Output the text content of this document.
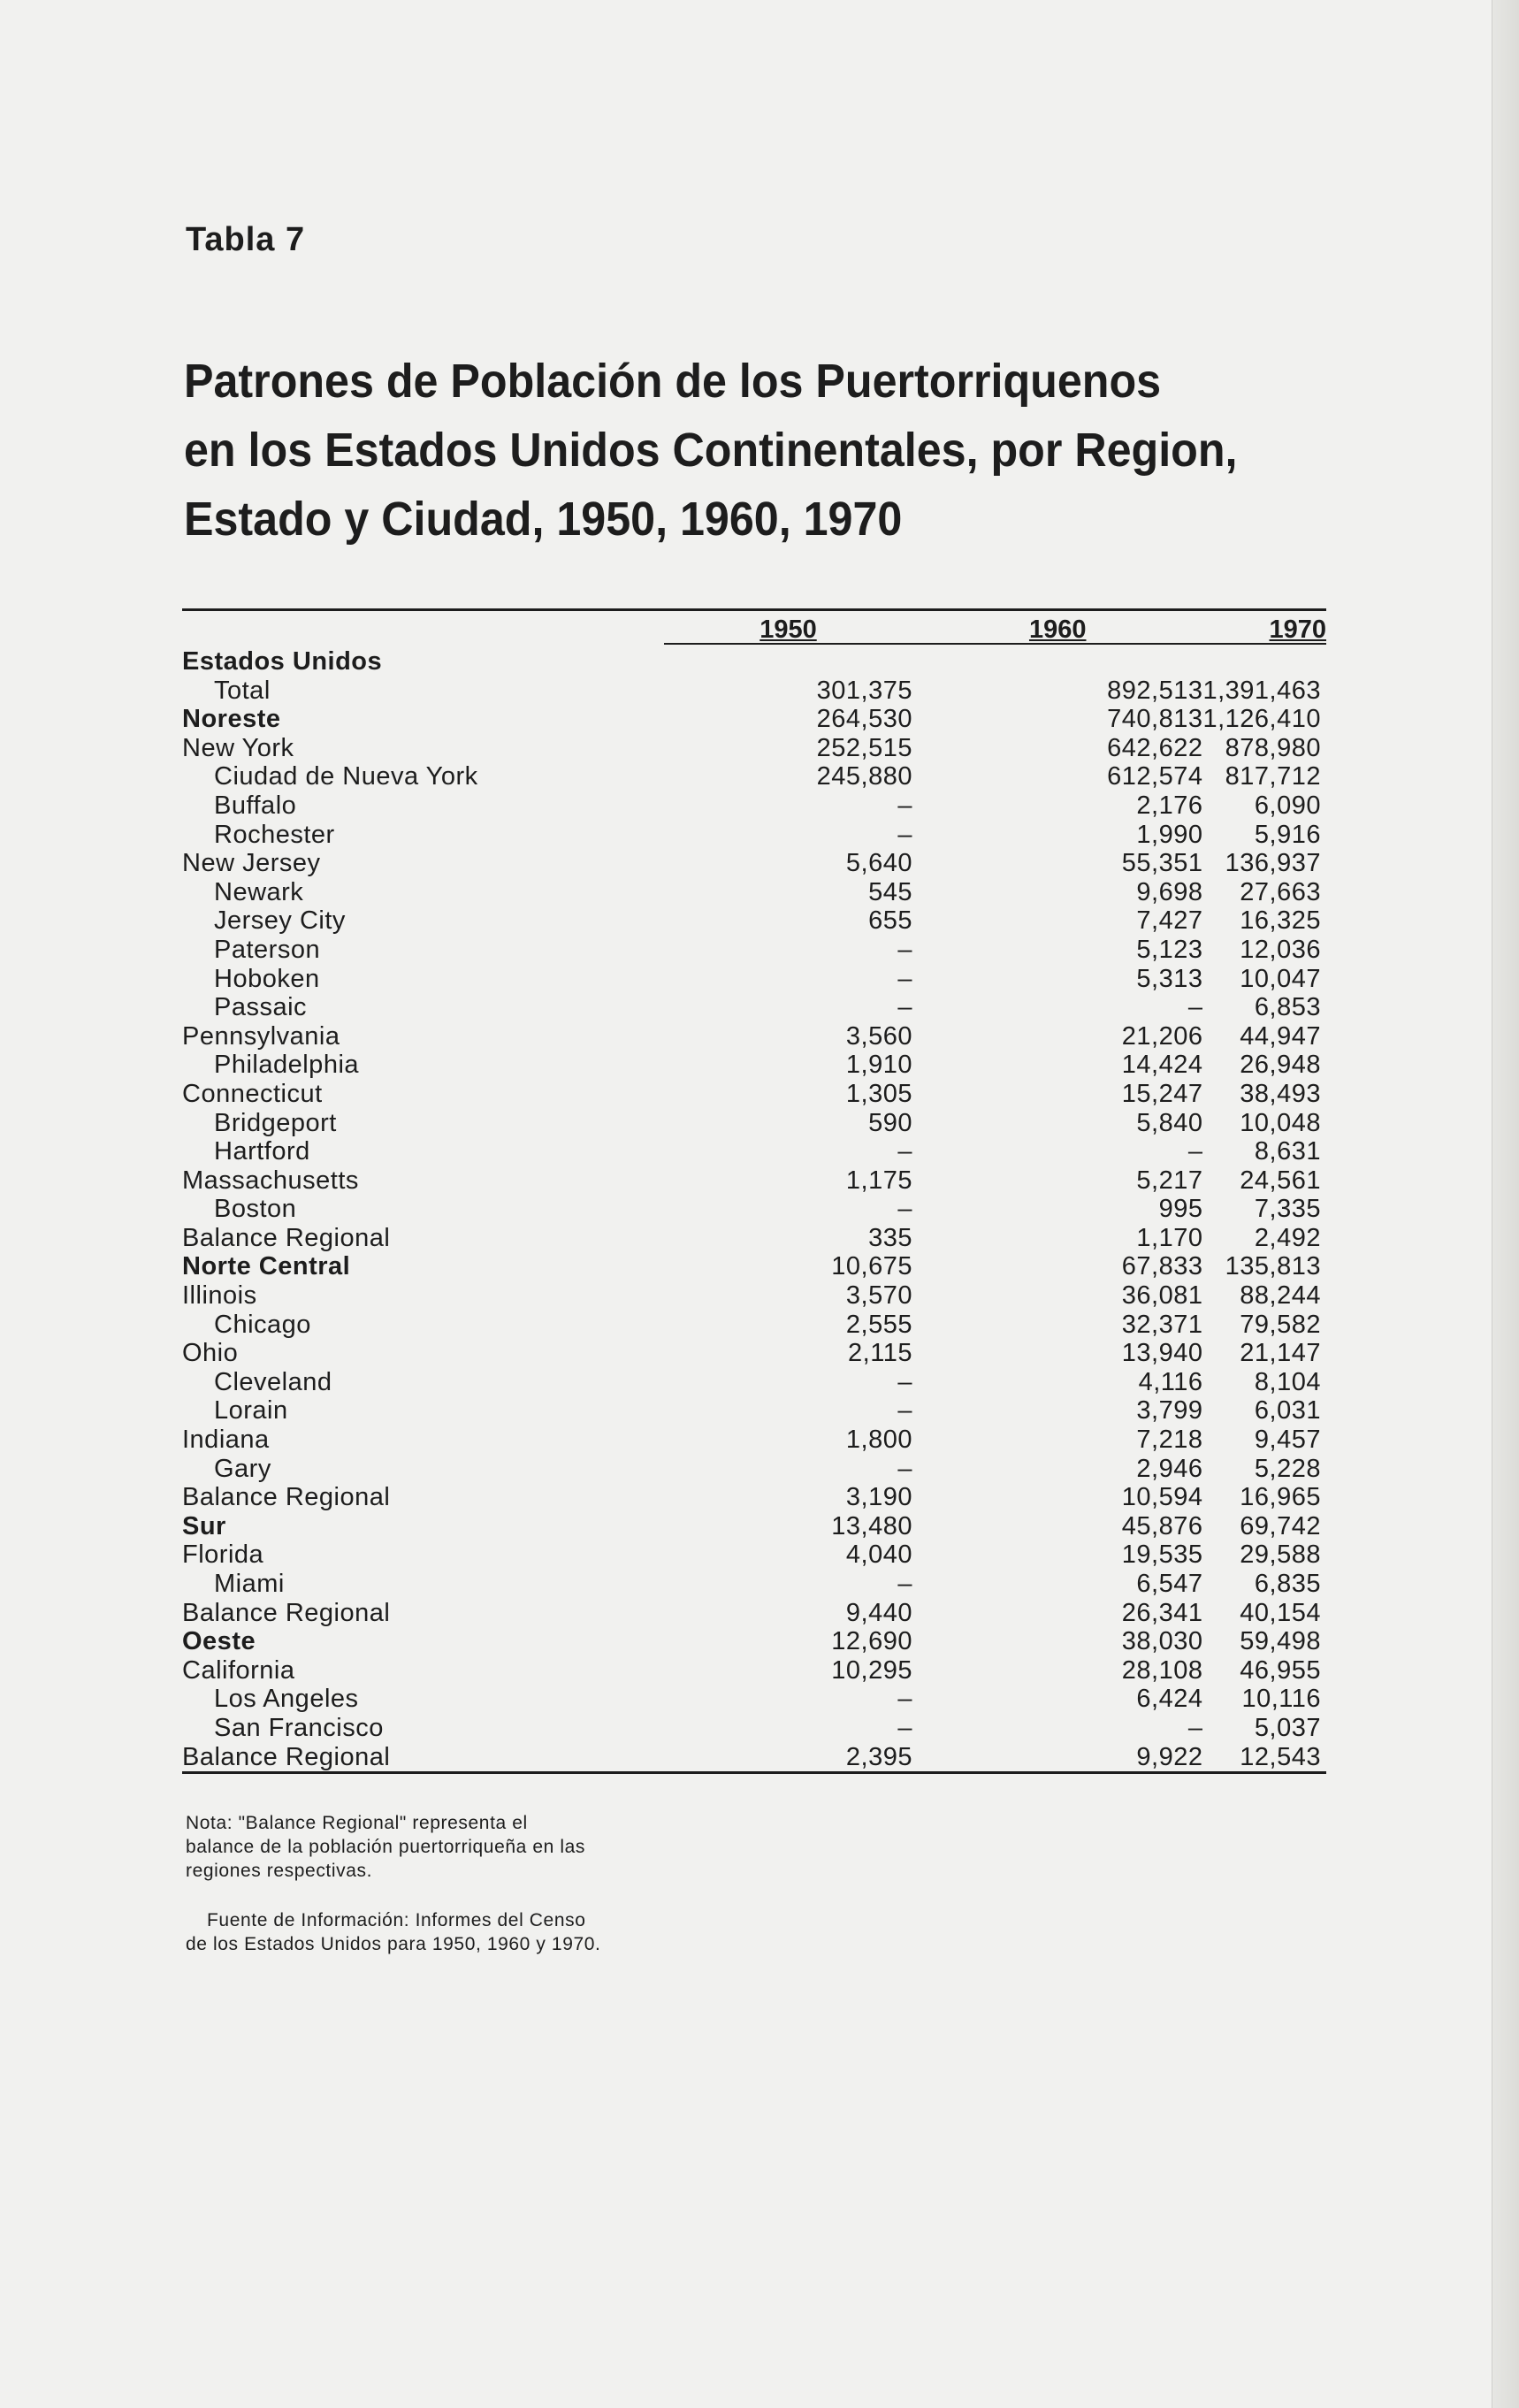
Tabla 7
Patrones de Población de los Puertorriquenos
en los Estados Unidos Continentales, por Region,
Estado y Ciudad, 1950, 1960, 1970
	1950	1960	1970

Estados Unidos			
Total	301,375	892,513	1,391,463
Noreste	264,530	740,813	1,126,410
New York	252,515	642,622	878,980
Ciudad de Nueva York	245,880	612,574	817,712
Buffalo	–	2,176	6,090
Rochester	–	1,990	5,916
New Jersey	5,640	55,351	136,937
Newark	545	9,698	27,663
Jersey City	655	7,427	16,325
Paterson	–	5,123	12,036
Hoboken	–	5,313	10,047
Passaic	–	–	6,853
Pennsylvania	3,560	21,206	44,947
Philadelphia	1,910	14,424	26,948
Connecticut	1,305	15,247	38,493
Bridgeport	590	5,840	10,048
Hartford	–	–	8,631
Massachusetts	1,175	5,217	24,561
Boston	–	995	7,335
Balance Regional	335	1,170	2,492
Norte Central	10,675	67,833	135,813
Illinois	3,570	36,081	88,244
Chicago	2,555	32,371	79,582
Ohio	2,115	13,940	21,147
Cleveland	–	4,116	8,104
Lorain	–	3,799	6,031
Indiana	1,800	7,218	9,457
Gary	–	2,946	5,228
Balance Regional	3,190	10,594	16,965
Sur	13,480	45,876	69,742
Florida	4,040	19,535	29,588
Miami	–	6,547	6,835
Balance Regional	9,440	26,341	40,154
Oeste	12,690	38,030	59,498
California	10,295	28,108	46,955
Los Angeles	–	6,424	10,116
San Francisco	–	–	5,037
Balance Regional	2,395	9,922	12,543
Nota: "Balance Regional" representa el
balance de la población puertorriqueña en las
regiones respectivas.
Fuente de Información: Informes del Censo
de los Estados Unidos para 1950, 1960 y 1970.
